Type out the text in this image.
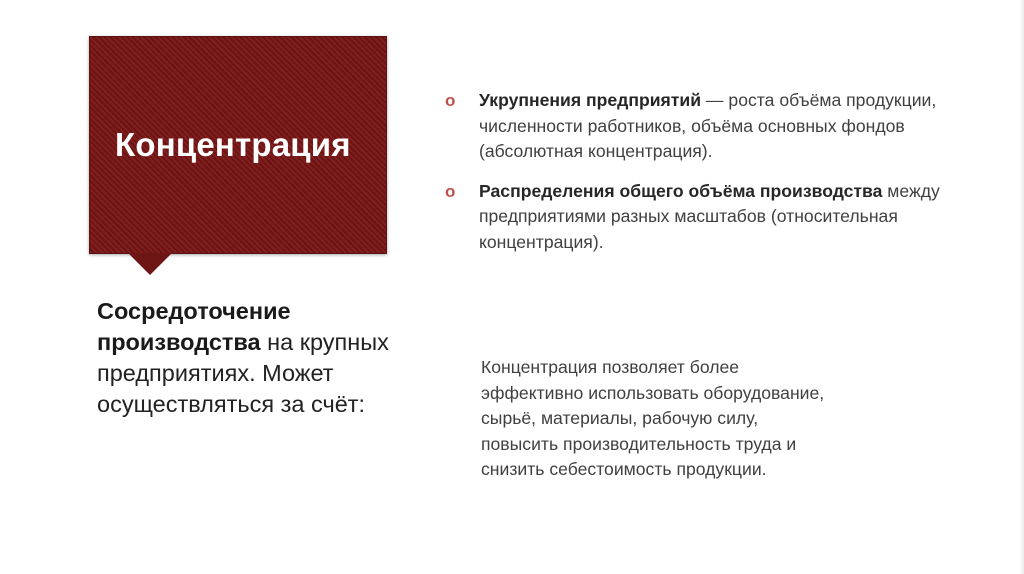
Концентрация
Сосредоточение производства на крупных предприятиях. Может осуществляться за счёт:
o Укрупнения предприятий — роста объёма продукции, численности работников, объёма основных фондов (абсолютная концентрация).
o Распределения общего объёма производства между предприятиями разных масштабов (относительная концентрация).
Концентрация позволяет более
эффективно использовать оборудование,
сырьё, материалы, рабочую силу,
повысить производительность труда и
снизить себестоимость продукции.
